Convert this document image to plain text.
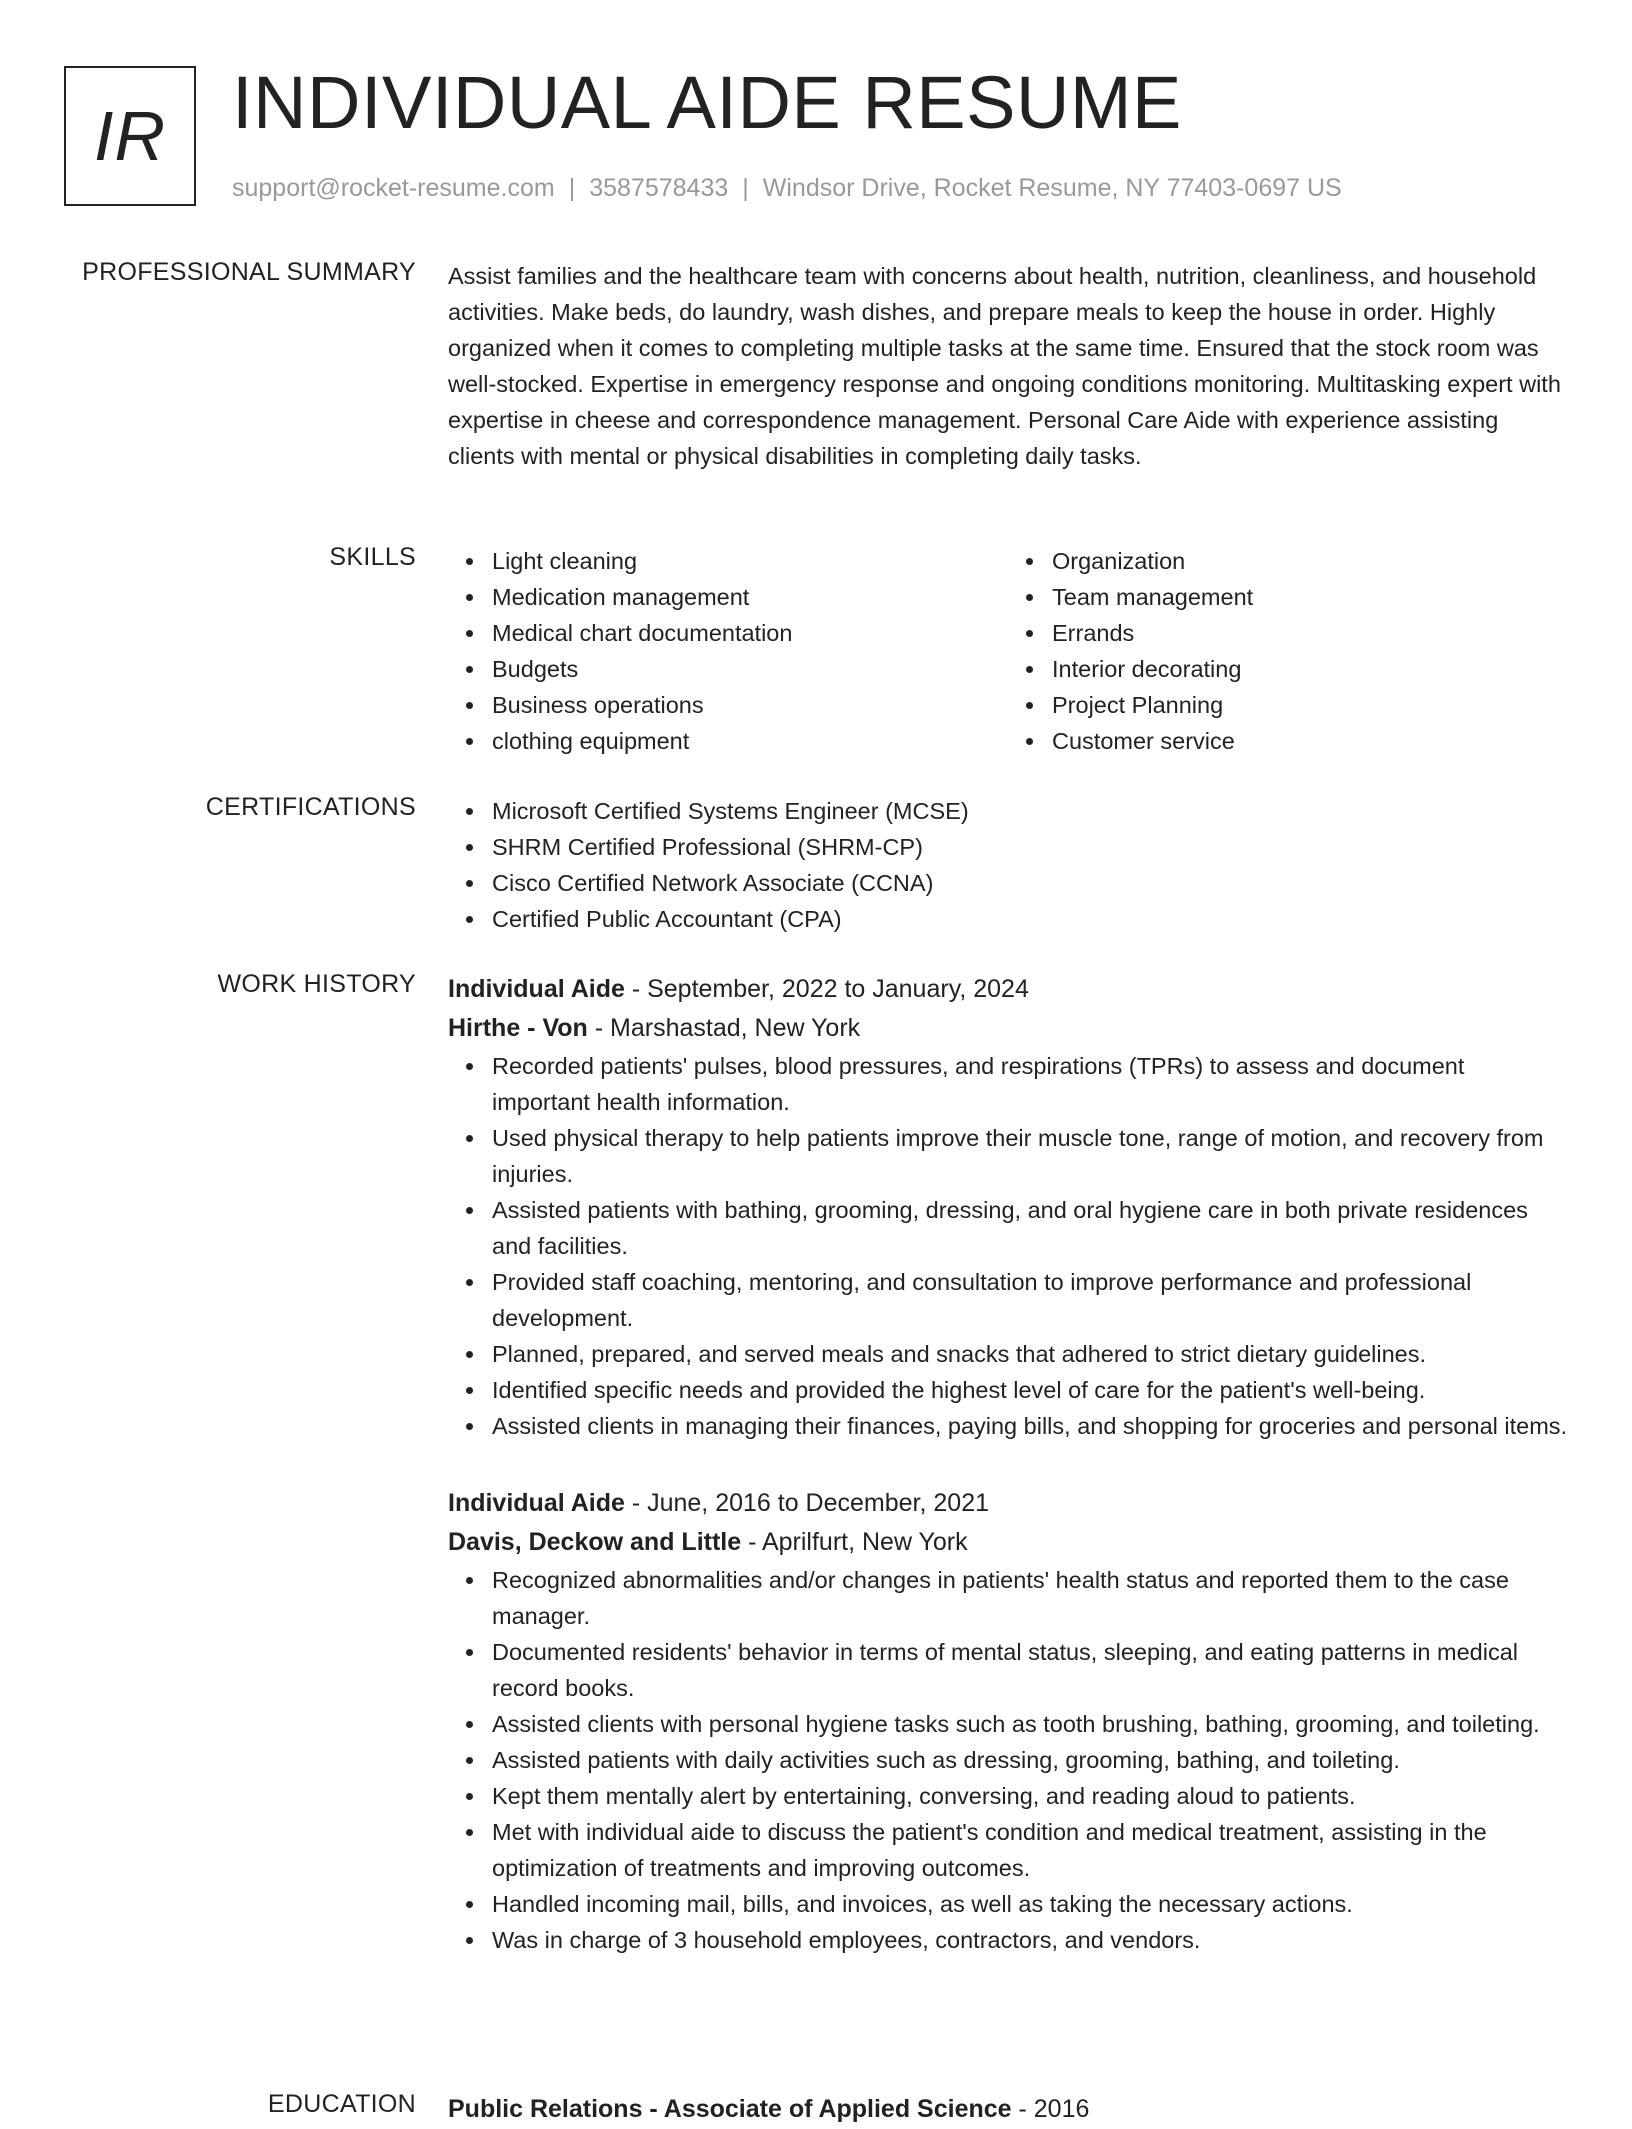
IR INDIVIDUAL AIDE RESUME
support@rocket-resume.com | 3587578433 | Windsor Drive, Rocket Resume, NY 77403-0697 US
PROFESSIONAL SUMMARY Assist families and the healthcare team with concerns about health, nutrition, cleanliness, and household activities. Make beds, do laundry, wash dishes, and prepare meals to keep the house in order. Highly organized when it comes to completing multiple tasks at the same time. Ensured that the stock room was well-stocked. Expertise in emergency response and ongoing conditions monitoring. Multitasking expert with expertise in cheese and correspondence management. Personal Care Aide with experience assisting clients with mental or physical disabilities in completing daily tasks.

SKILLS	Light cleaning
Medication management
Medical chart documentation
Budgets
Business operations
clothing equipment
Organization
Team management
Errands
Interior decorating
Project Planning
Customer service
CERTIFICATIONS	Microsoft Certified Systems Engineer (MCSE)
SHRM Certified Professional (SHRM-CP)
Cisco Certified Network Associate (CCNA)
Certified Public Accountant (CPA)
WORK HISTORY Individual Aide - September, 2022 to January, 2024
Hirthe - Von - Marshastad, New York
Recorded patients' pulses, blood pressures, and respirations (TPRs) to assess and document important health information.
Used physical therapy to help patients improve their muscle tone, range of motion, and recovery from injuries.
Assisted patients with bathing, grooming, dressing, and oral hygiene care in both private residences and facilities.
Provided staff coaching, mentoring, and consultation to improve performance and professional development.
Planned, prepared, and served meals and snacks that adhered to strict dietary guidelines.
Identified specific needs and provided the highest level of care for the patient's well-being.
Assisted clients in managing their finances, paying bills, and shopping for groceries and personal items.
Individual Aide - June, 2016 to December, 2021
Davis, Deckow and Little - Aprilfurt, New York
Recognized abnormalities and/or changes in patients' health status and reported them to the case manager.
Documented residents' behavior in terms of mental status, sleeping, and eating patterns in medical record books.
Assisted clients with personal hygiene tasks such as tooth brushing, bathing, grooming, and toileting.
Assisted patients with daily activities such as dressing, grooming, bathing, and toileting.
Kept them mentally alert by entertaining, conversing, and reading aloud to patients.
Met with individual aide to discuss the patient's condition and medical treatment, assisting in the optimization of treatments and improving outcomes.
Handled incoming mail, bills, and invoices, as well as taking the necessary actions.
Was in charge of 3 household employees, contractors, and vendors.
EDUCATION Public Relations - Associate of Applied Science - 2016
